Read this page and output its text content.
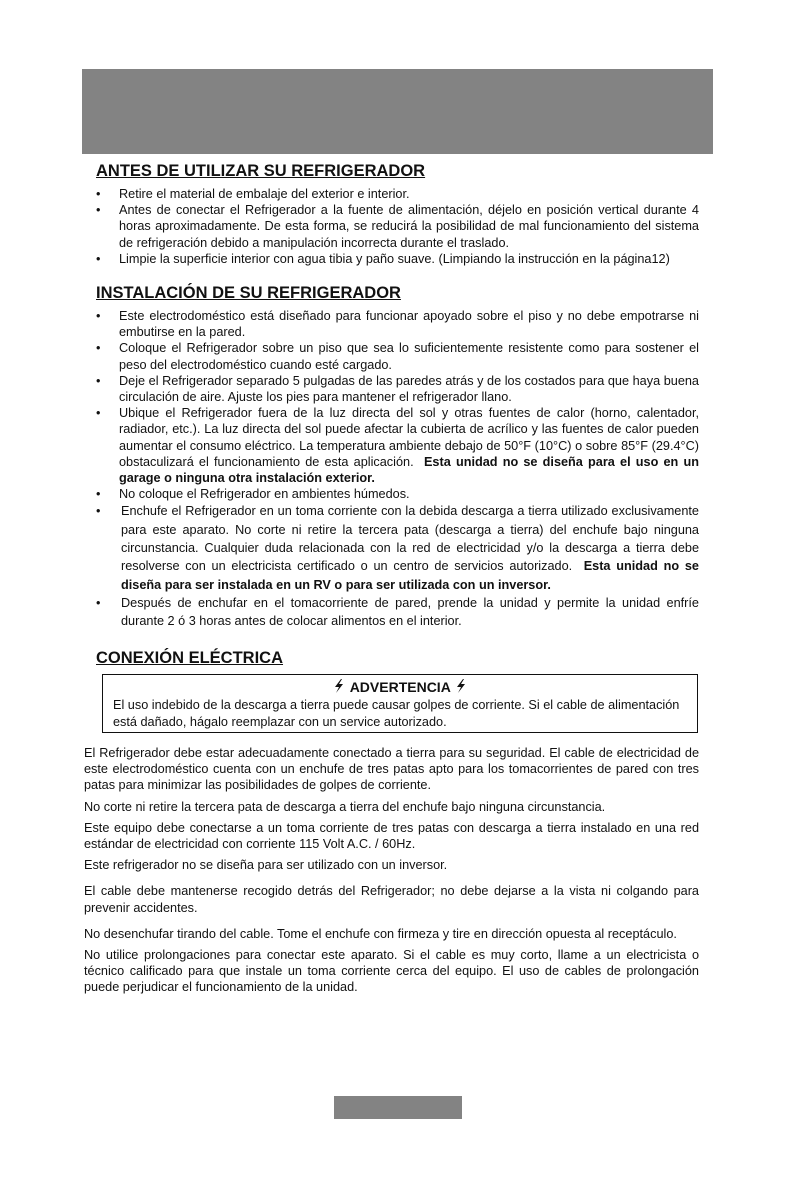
ANTES DE UTILIZAR SU REFRIGERADOR
• Retire el material de embalaje del exterior e interior.
• Antes de conectar el Refrigerador a la fuente de alimentación, déjelo en posición vertical durante 4 horas aproximadamente. De esta forma, se reducirá la posibilidad de mal funcionamiento del sistema de refrigeración debido a manipulación incorrecta durante el traslado.
• Limpie la superficie interior con agua tibia y paño suave. (Limpiando la instrucción en la página12)
INSTALACIÓN DE SU REFRIGERADOR
• Este electrodoméstico está diseñado para funcionar apoyado sobre el piso y no debe empotrarse ni embutirse en la pared.
• Coloque el Refrigerador sobre un piso que sea lo suficientemente resistente como para sostener el peso del electrodoméstico cuando esté cargado.
• Deje el Refrigerador separado 5 pulgadas de las paredes atrás y de los costados para que haya buena circulación de aire. Ajuste los pies para mantener el refrigerador llano.
• Ubique el Refrigerador fuera de la luz directa del sol y otras fuentes de calor (horno, calentador, radiador, etc.). La luz directa del sol puede afectar la cubierta de acrílico y las fuentes de calor pueden aumentar el consumo eléctrico. La temperatura ambiente debajo de 50°F (10°C) o sobre 85°F (29.4°C) obstaculizará el funcionamiento de esta aplicación. Esta unidad no se diseña para el uso en un garage o ninguna otra instalación exterior.
• No coloque el Refrigerador en ambientes húmedos.
• Enchufe el Refrigerador en un toma corriente con la debida descarga a tierra utilizado exclusivamente para este aparato. No corte ni retire la tercera pata (descarga a tierra) del enchufe bajo ninguna circunstancia. Cualquier duda relacionada con la red de electricidad y/o la descarga a tierra debe resolverse con un electricista certificado o un centro de servicios autorizado. Esta unidad no se diseña para ser instalada en un RV o para ser utilizada con un inversor.
• Después de enchufar en el tomacorriente de pared, prende la unidad y permite la unidad enfríe durante 2 ó 3 horas antes de colocar alimentos en el interior.
CONEXIÓN ELÉCTRICA

ADVERTENCIA

El uso indebido de la descarga a tierra puede causar golpes de corriente. Si el cable de alimentación está dañado, hágalo reemplazar con un service autorizado.

El Refrigerador debe estar adecuadamente conectado a tierra para su seguridad. El cable de electricidad de este electrodoméstico cuenta con un enchufe de tres patas apto para los tomacorrientes de pared con tres patas para minimizar las posibilidades de golpes de corriente.

No corte ni retire la tercera pata de descarga a tierra del enchufe bajo ninguna circunstancia.

Este equipo debe conectarse a un toma corriente de tres patas con descarga a tierra instalado en una red estándar de electricidad con corriente 115 Volt A.C. / 60Hz.

Este refrigerador no se diseña para ser utilizado con un inversor.

El cable debe mantenerse recogido detrás del Refrigerador; no debe dejarse a la vista ni colgando para prevenir accidentes.

No desenchufar tirando del cable. Tome el enchufe con firmeza y tire en dirección opuesta al receptáculo.

No utilice prolongaciones para conectar este aparato. Si el cable es muy corto, llame a un electricista o técnico calificado para que instale un toma corriente cerca del equipo. El uso de cables de prolongación puede perjudicar el funcionamiento de la unidad.
